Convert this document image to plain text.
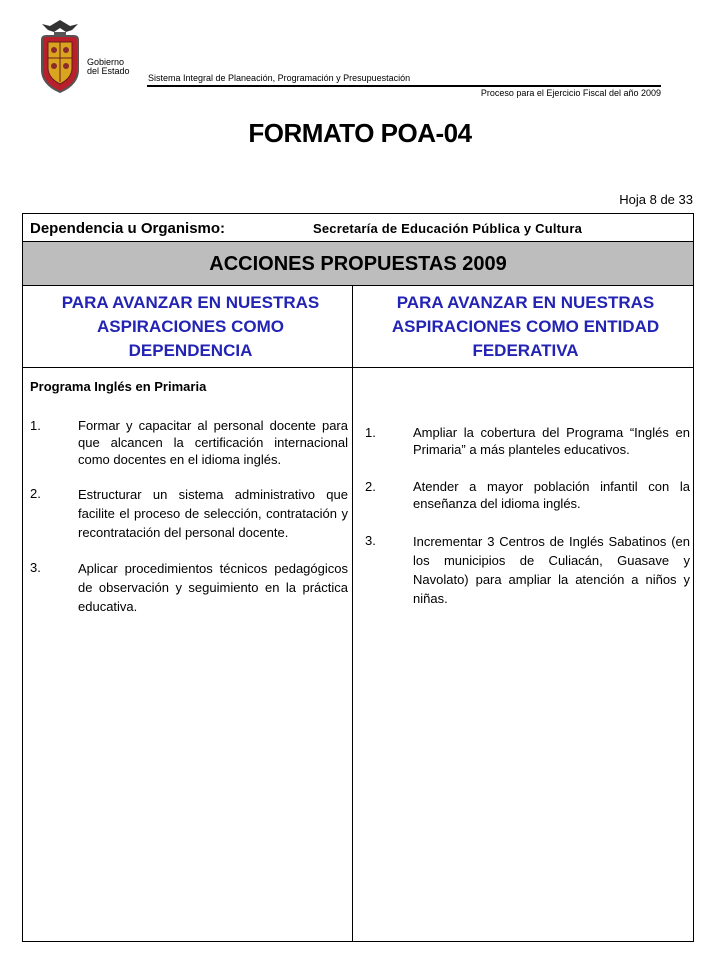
Gobierno
del Estado
Sistema Integral de Planeación, Programación y Presupuestación
Proceso para el Ejercicio Fiscal del año 2009
FORMATO POA-04
Hoja 8 de 33
Dependencia u Organismo:	Secretaría de Educación Pública y Cultura
ACCIONES PROPUESTAS 2009
PARA AVANZAR EN NUESTRAS ASPIRACIONES COMO DEPENDENCIA
PARA AVANZAR EN NUESTRAS ASPIRACIONES COMO ENTIDAD FEDERATIVA
Programa Inglés en Primaria
1.	Formar y capacitar al personal docente para que alcancen la certificación internacional como docentes en el idioma inglés.
2.	Estructurar un sistema administrativo que facilite el proceso de selección, contratación y recontratación del personal docente.
3.	Aplicar procedimientos técnicos pedagógicos de observación y seguimiento en la práctica educativa.
1.	Ampliar la cobertura del Programa “Inglés en Primaria” a más planteles educativos.
2.	Atender a mayor población infantil con la enseñanza del idioma inglés.
3.	Incrementar 3 Centros de Inglés Sabatinos (en los municipios de Culiacán, Guasave y Navolato) para ampliar la atención a niños y niñas.
